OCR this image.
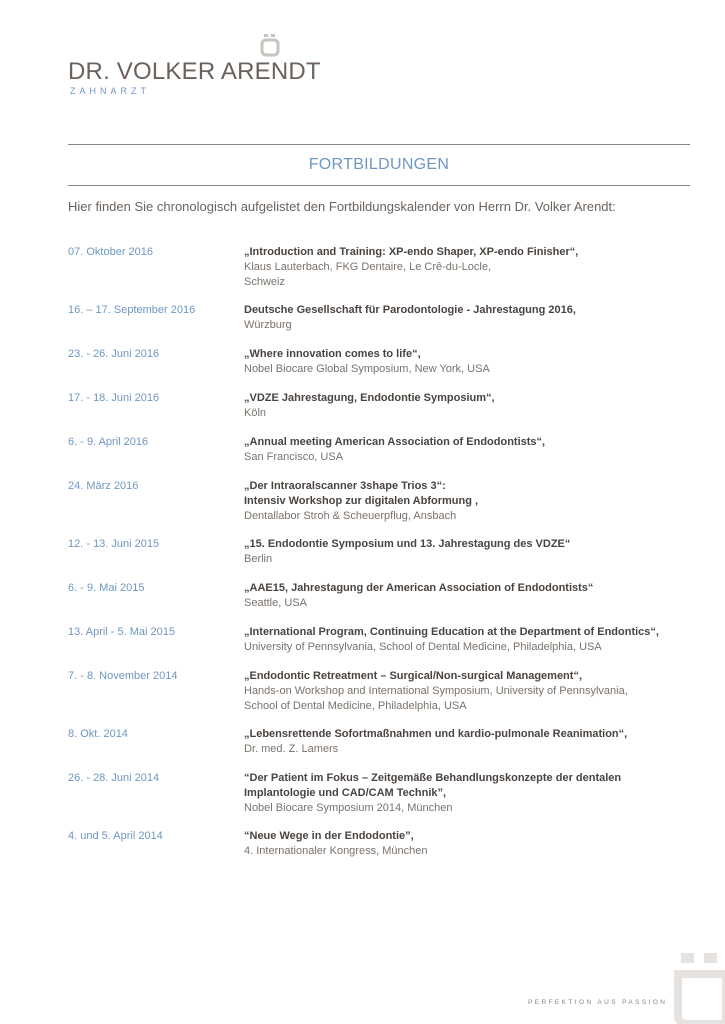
DR. VOLKER ARENDT
ZAHNARZT
FORTBILDUNGEN
Hier finden Sie chronologisch aufgelistet den Fortbildungskalender von Herrn Dr. Volker Arendt:
07. Oktober 2016	„Introduction and Training: XP-endo Shaper, XP-endo Finisher“,
Klaus Lauterbach, FKG Dentaire, Le Crê-du-Locle,
Schweiz
16. – 17. September 2016	Deutsche Gesellschaft für Parodontologie - Jahrestagung 2016,
Würzburg
23. - 26. Juni 2016	„Where innovation comes to life“,
Nobel Biocare Global Symposium, New York, USA
17. - 18. Juni 2016	„VDZE Jahrestagung, Endodontie Symposium“,
Köln
6. - 9. April 2016	„Annual meeting American Association of Endodontists“,
San Francisco, USA
24. März 2016	„Der Intraoralscanner 3shape Trios 3“:
Intensiv Workshop zur digitalen Abformung ,
Dentallabor Stroh & Scheuerpflug, Ansbach
12. - 13. Juni 2015	„15. Endodontie Symposium und 13. Jahrestagung des VDZE“
Berlin
6. - 9. Mai 2015	„AAE15, Jahrestagung der American Association of Endodontists“
Seattle, USA
13. April - 5. Mai 2015	„International Program, Continuing Education at the Department of Endontics“,
University of Pennsylvania, School of Dental Medicine, Philadelphia, USA
7. - 8. November 2014	„Endodontic Retreatment – Surgical/Non-surgical Management“,
Hands-on Workshop and International Symposium, University of Pennsylvania,
School of Dental Medicine, Philadelphia, USA
8. Okt. 2014	„Lebensrettende Sofortmaßnahmen und kardio-pulmonale Reanimation“,
Dr. med. Z. Lamers
26. - 28. Juni 2014	“Der Patient im Fokus – Zeitgemäße Behandlungskonzepte der dentalen
Implantologie und CAD/CAM Technik”,
Nobel Biocare Symposium 2014, München
4. und 5. April 2014	“Neue Wege in der Endodontie”,
4. Internationaler Kongress, München
PERFEKTION AUS PASSION
